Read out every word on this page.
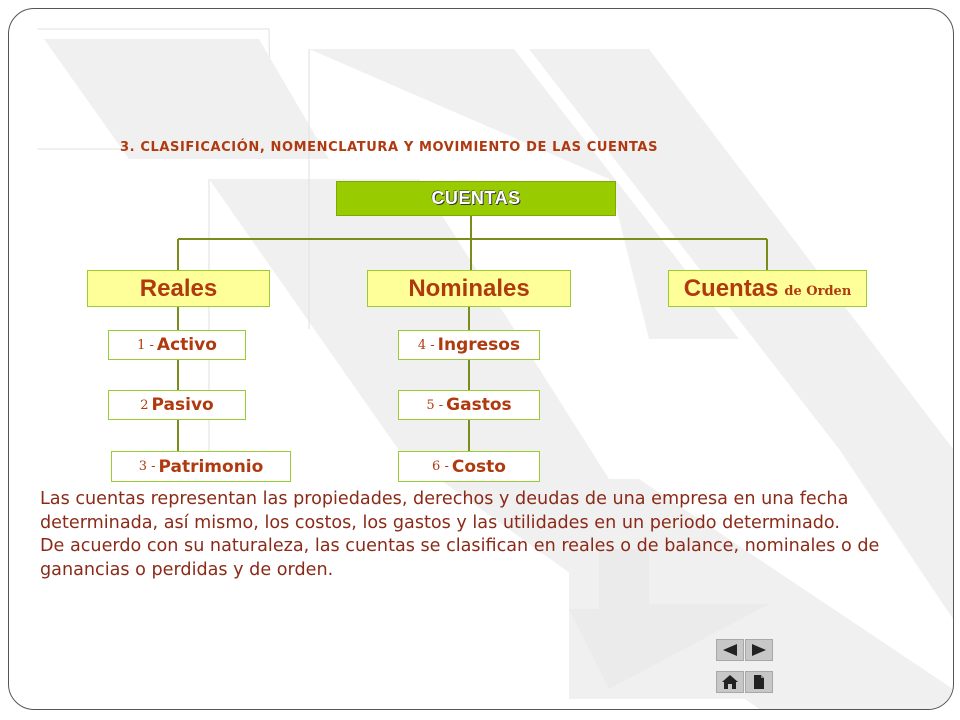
3. CLASIFICACIÓN, NOMENCLATURA Y MOVIMIENTO DE LAS CUENTAS
CUENTAS
Reales	Nominales	Cuentas de Orden
1 - Activo
2 Pasivo
3 - Patrimonio
4 - Ingresos
5 - Gastos
6 - Costo

Las cuentas representan las propiedades, derechos y deudas de una empresa en una fecha determinada, así mismo, los costos, los gastos y las utilidades en un periodo determinado.

De acuerdo con su naturaleza, las cuentas se clasifican en reales o de balance, nominales o de ganancias o perdidas y de orden.
